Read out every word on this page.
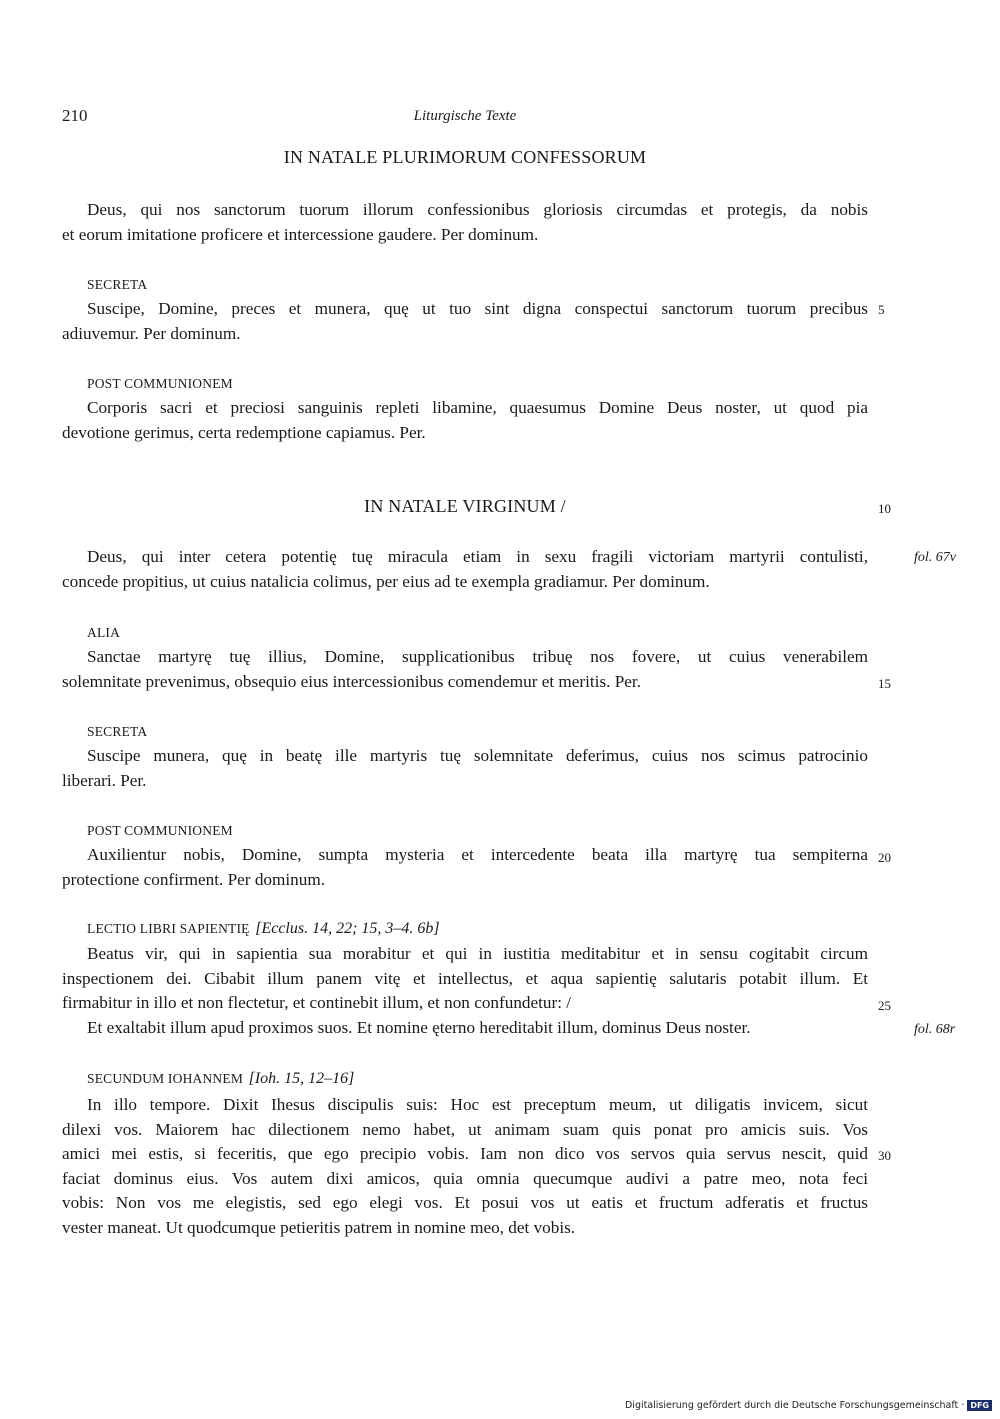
210	Liturgische Texte
IN NATALE PLURIMORUM CONFESSORUM
Deus, qui nos sanctorum tuorum illorum confessionibus gloriosis circumdas et protegis, da nobis
et eorum imitatione proficere et intercessione gaudere. Per dominum.
SECRETA
Suscipe, Domine, preces et munera, quę ut tuo sint digna conspectui sanctorum tuorum precibus
adiuvemur. Per dominum.
POST COMMUNIONEM
Corporis sacri et preciosi sanguinis repleti libamine, quaesumus Domine Deus noster, ut quod pia
devotione gerimus, certa redemptione capiamus. Per.
IN NATALE VIRGINUM /
Deus, qui inter cetera potentię tuę miracula etiam in sexu fragili victoriam martyrii contulisti,
concede propitius, ut cuius natalicia colimus, per eius ad te exempla gradiamur. Per dominum.
ALIA
Sanctae martyrę tuę illius, Domine, supplicationibus tribuę nos fovere, ut cuius venerabilem
solemnitate prevenimus, obsequio eius intercessionibus comendemur et meritis. Per.
SECRETA
Suscipe munera, quę in beatę ille martyris tuę solemnitate deferimus, cuius nos scimus patrocinio
liberari. Per.
POST COMMUNIONEM
Auxilientur nobis, Domine, sumpta mysteria et intercedente beata illa martyrę tua sempiterna
protectione confirment. Per dominum.
LECTIO LIBRI SAPIENTIĘ [Ecclus. 14, 22; 15, 3–4. 6b]
Beatus vir, qui in sapientia sua morabitur et qui in iustitia meditabitur et in sensu cogitabit circum
inspectionem dei. Cibabit illum panem vitę et intellectus, et aqua sapientię salutaris potabit illum. Et
firmabitur in illo et non flectetur, et continebit illum, et non confundetur: /
Et exaltabit illum apud proximos suos. Et nomine ęterno hereditabit illum, dominus Deus noster.
SECUNDUM IOHANNEM [Ioh. 15, 12–16]
In illo tempore. Dixit Ihesus discipulis suis: Hoc est preceptum meum, ut diligatis invicem, sicut
dilexi vos. Maiorem hac dilectionem nemo habet, ut animam suam quis ponat pro amicis suis. Vos
amici mei estis, si feceritis, que ego precipio vobis. Iam non dico vos servos quia servus nescit, quid
faciat dominus eius. Vos autem dixi amicos, quia omnia quecumque audivi a patre meo, nota feci
vobis: Non vos me elegistis, sed ego elegi vos. Et posui vos ut eatis et fructum adferatis et fructus
vester maneat. Ut quodcumque petieritis patrem in nomine meo, det vobis.
5
10
15
20
25
30
fol. 67v
fol. 68r
Digitalisierung gefördert durch die Deutsche Forschungsgemeinschaft · DFG
